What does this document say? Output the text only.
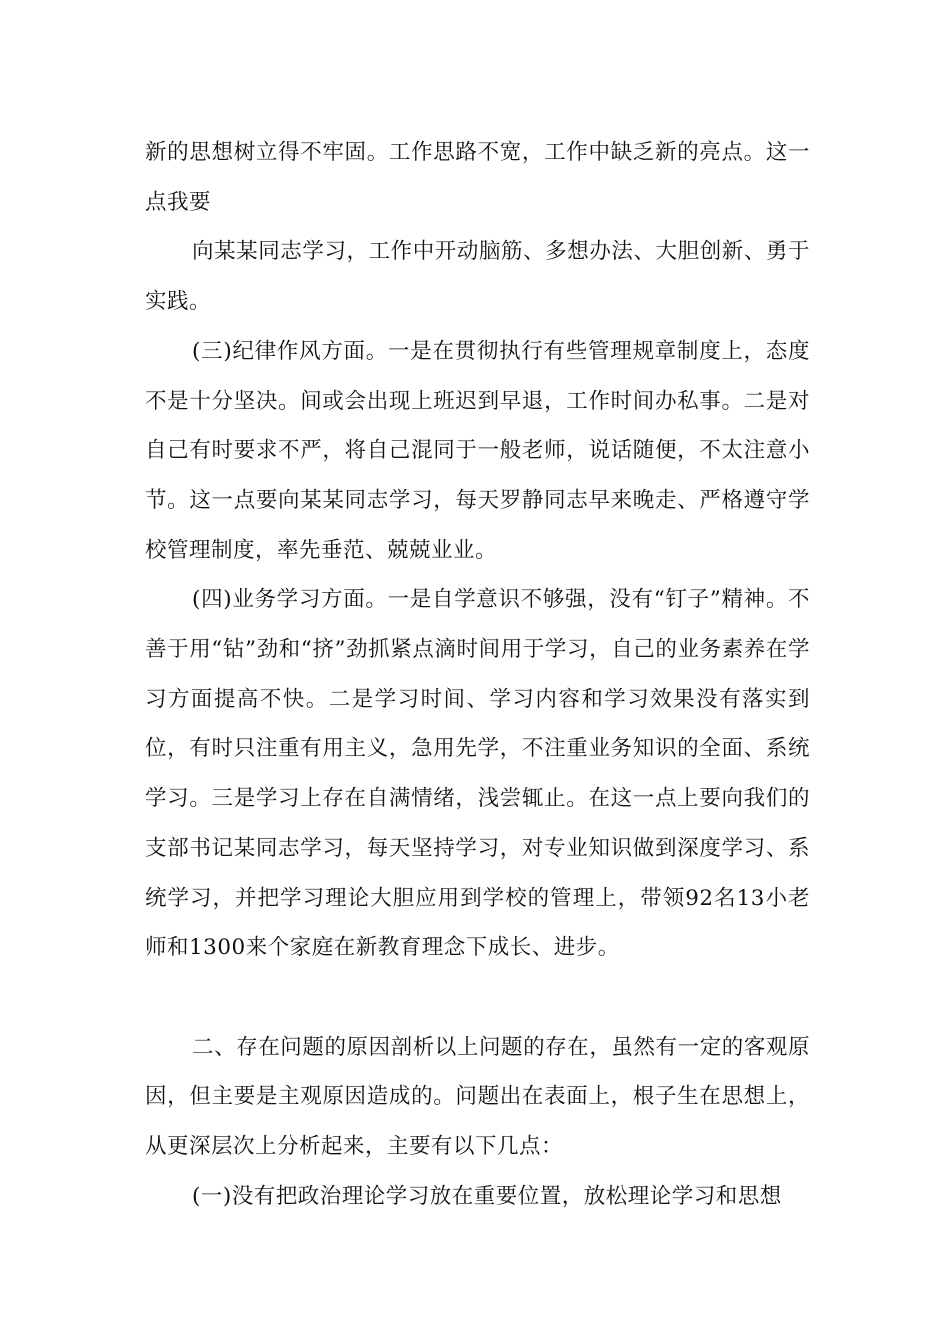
新的思想树立得不牢固。工作思路不宽，工作中缺乏新的亮点。这一点我要

向某某同志学习，工作中开动脑筋、多想办法、大胆创新、勇于实践。

(三)纪律作风方面。一是在贯彻执行有些管理规章制度上，态度不是十分坚决。间或会出现上班迟到早退，工作时间办私事。二是对自己有时要求不严，将自己混同于一般老师，说话随便，不太注意小节。这一点要向某某同志学习，每天罗静同志早来晚走、严格遵守学校管理制度，率先垂范、兢兢业业。

(四)业务学习方面。一是自学意识不够强，没有“钉子”精神。不善于用“钻”劲和“挤”劲抓紧点滴时间用于学习，自己的业务素养在学习方面提高不快。二是学习时间、学习内容和学习效果没有落实到位，有时只注重有用主义，急用先学，不注重业务知识的全面、系统学习。三是学习上存在自满情绪，浅尝辄止。在这一点上要向我们的支部书记某同志学习，每天坚持学习，对专业知识做到深度学习、系统学习，并把学习理论大胆应用到学校的管理上，带领92名13小老师和1300来个家庭在新教育理念下成长、进步。

二、存在问题的原因剖析以上问题的存在，虽然有一定的客观原因，但主要是主观原因造成的。问题出在表面上，根子生在思想上，从更深层次上分析起来，主要有以下几点：

(一)没有把政治理论学习放在重要位置，放松理论学习和思想
